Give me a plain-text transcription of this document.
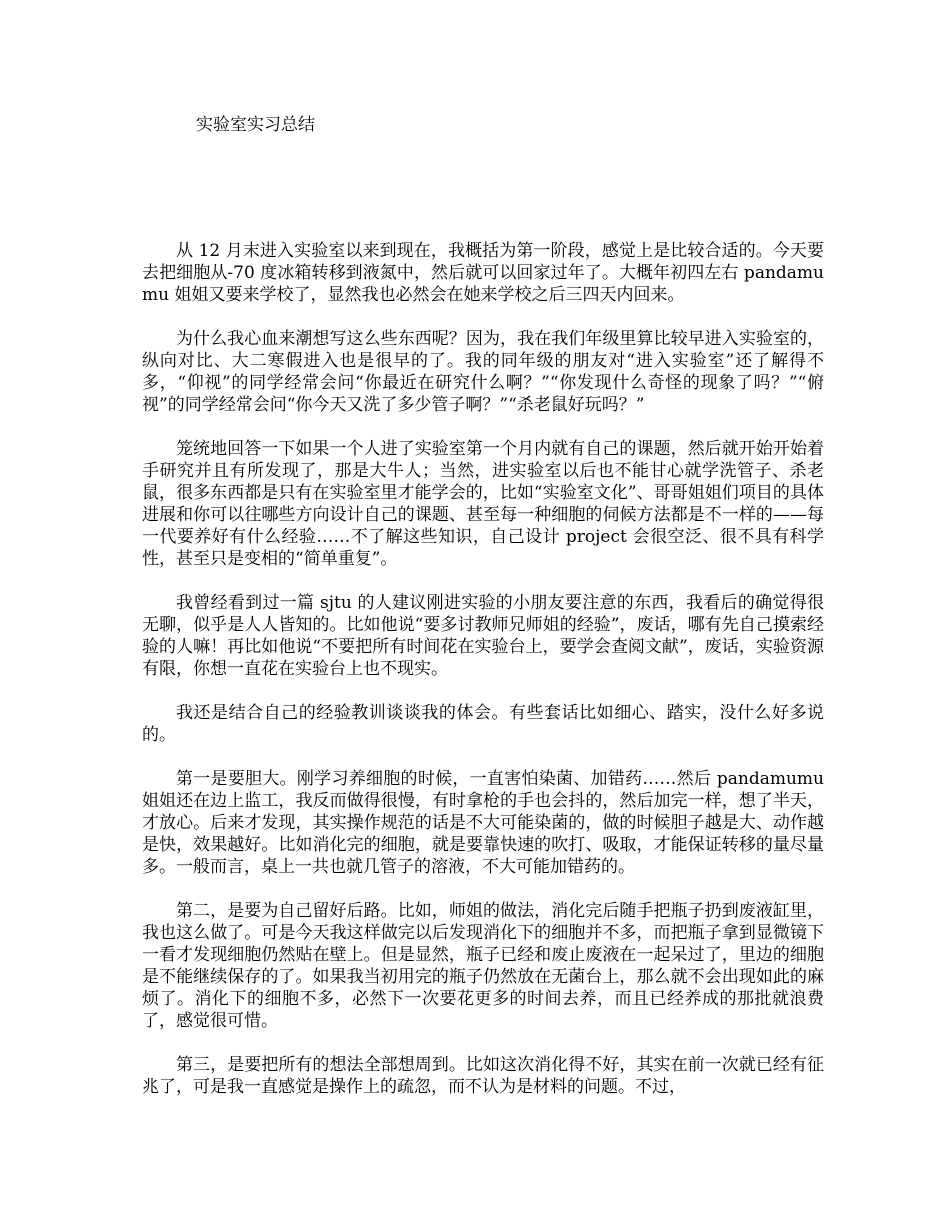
实验室实习总结

从 12 月末进入实验室以来到现在，我概括为第一阶段，感觉上是比较合适的。今天要去把细胞从-70 度冰箱转移到液氮中，然后就可以回家过年了。大概年初四左右 pandamumu 姐姐又要来学校了，显然我也必然会在她来学校之后三四天内回来。

为什么我心血来潮想写这么些东西呢？因为，我在我们年级里算比较早进入实验室的，纵向对比、大二寒假进入也是很早的了。我的同年级的朋友对“进入实验室”还了解得不多，“仰视”的同学经常会问“你最近在研究什么啊？”“你发现什么奇怪的现象了吗？”“俯视”的同学经常会问“你今天又洗了多少管子啊？”“杀老鼠好玩吗？”

笼统地回答一下如果一个人进了实验室第一个月内就有自己的课题，然后就开始开始着手研究并且有所发现了，那是大牛人；当然，进实验室以后也不能甘心就学洗管子、杀老鼠，很多东西都是只有在实验室里才能学会的，比如“实验室文化”、哥哥姐姐们项目的具体进展和你可以往哪些方向设计自己的课题、甚至每一种细胞的伺候方法都是不一样的——每一代要养好有什么经验……不了解这些知识，自己设计 project 会很空泛、很不具有科学性，甚至只是变相的“简单重复”。

我曾经看到过一篇 sjtu 的人建议刚进实验的小朋友要注意的东西，我看后的确觉得很无聊，似乎是人人皆知的。比如他说“要多讨教师兄师姐的经验”，废话，哪有先自己摸索经验的人嘛！再比如他说“不要把所有时间花在实验台上，要学会查阅文献”，废话，实验资源有限，你想一直花在实验台上也不现实。

我还是结合自己的经验教训谈谈我的体会。有些套话比如细心、踏实，没什么好多说的。

第一是要胆大。刚学习养细胞的时候，一直害怕染菌、加错药……然后 pandamumu 姐姐还在边上监工，我反而做得很慢，有时拿枪的手也会抖的，然后加完一样，想了半天，才放心。后来才发现，其实操作规范的话是不大可能染菌的，做的时候胆子越是大、动作越是快，效果越好。比如消化完的细胞，就是要靠快速的吹打、吸取，才能保证转移的量尽量多。一般而言，桌上一共也就几管子的溶液，不大可能加错药的。

第二，是要为自己留好后路。比如，师姐的做法，消化完后随手把瓶子扔到废液缸里，我也这么做了。可是今天我这样做完以后发现消化下的细胞并不多，而把瓶子拿到显微镜下一看才发现细胞仍然贴在壁上。但是显然，瓶子已经和废止废液在一起呆过了，里边的细胞是不能继续保存的了。如果我当初用完的瓶子仍然放在无菌台上，那么就不会出现如此的麻烦了。消化下的细胞不多，必然下一次要花更多的时间去养，而且已经养成的那批就浪费了，感觉很可惜。

第三，是要把所有的想法全部想周到。比如这次消化得不好，其实在前一次就已经有征兆了，可是我一直感觉是操作上的疏忽，而不认为是材料的问题。不过，
